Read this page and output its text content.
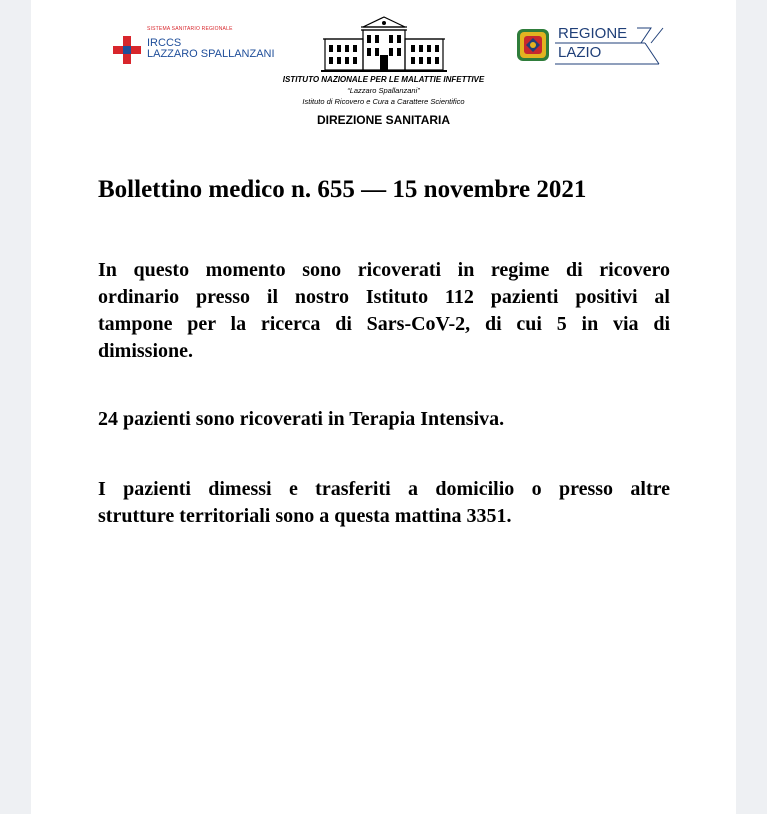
SISTEMA SANITARIO REGIONALE
IRCCS
LAZZARO SPALLANZANI
ISTITUTO NAZIONALE PER LE MALATTIE INFETTIVE
“Lazzaro Spallanzani”
Istituto di Ricovero e Cura a Carattere Scientifico
DIREZIONE SANITARIA
REGIONE
LAZIO
Bollettino medico n. 655 — 15 novembre 2021
In questo momento sono ricoverati in regime di ricovero
ordinario presso il nostro Istituto 112 pazienti positivi al
tampone per la ricerca di Sars-CoV-2, di cui 5 in via di
dimissione.
24 pazienti sono ricoverati in Terapia Intensiva.
I pazienti dimessi e trasferiti a domicilio o presso altre
strutture territoriali sono a questa mattina 3351.
